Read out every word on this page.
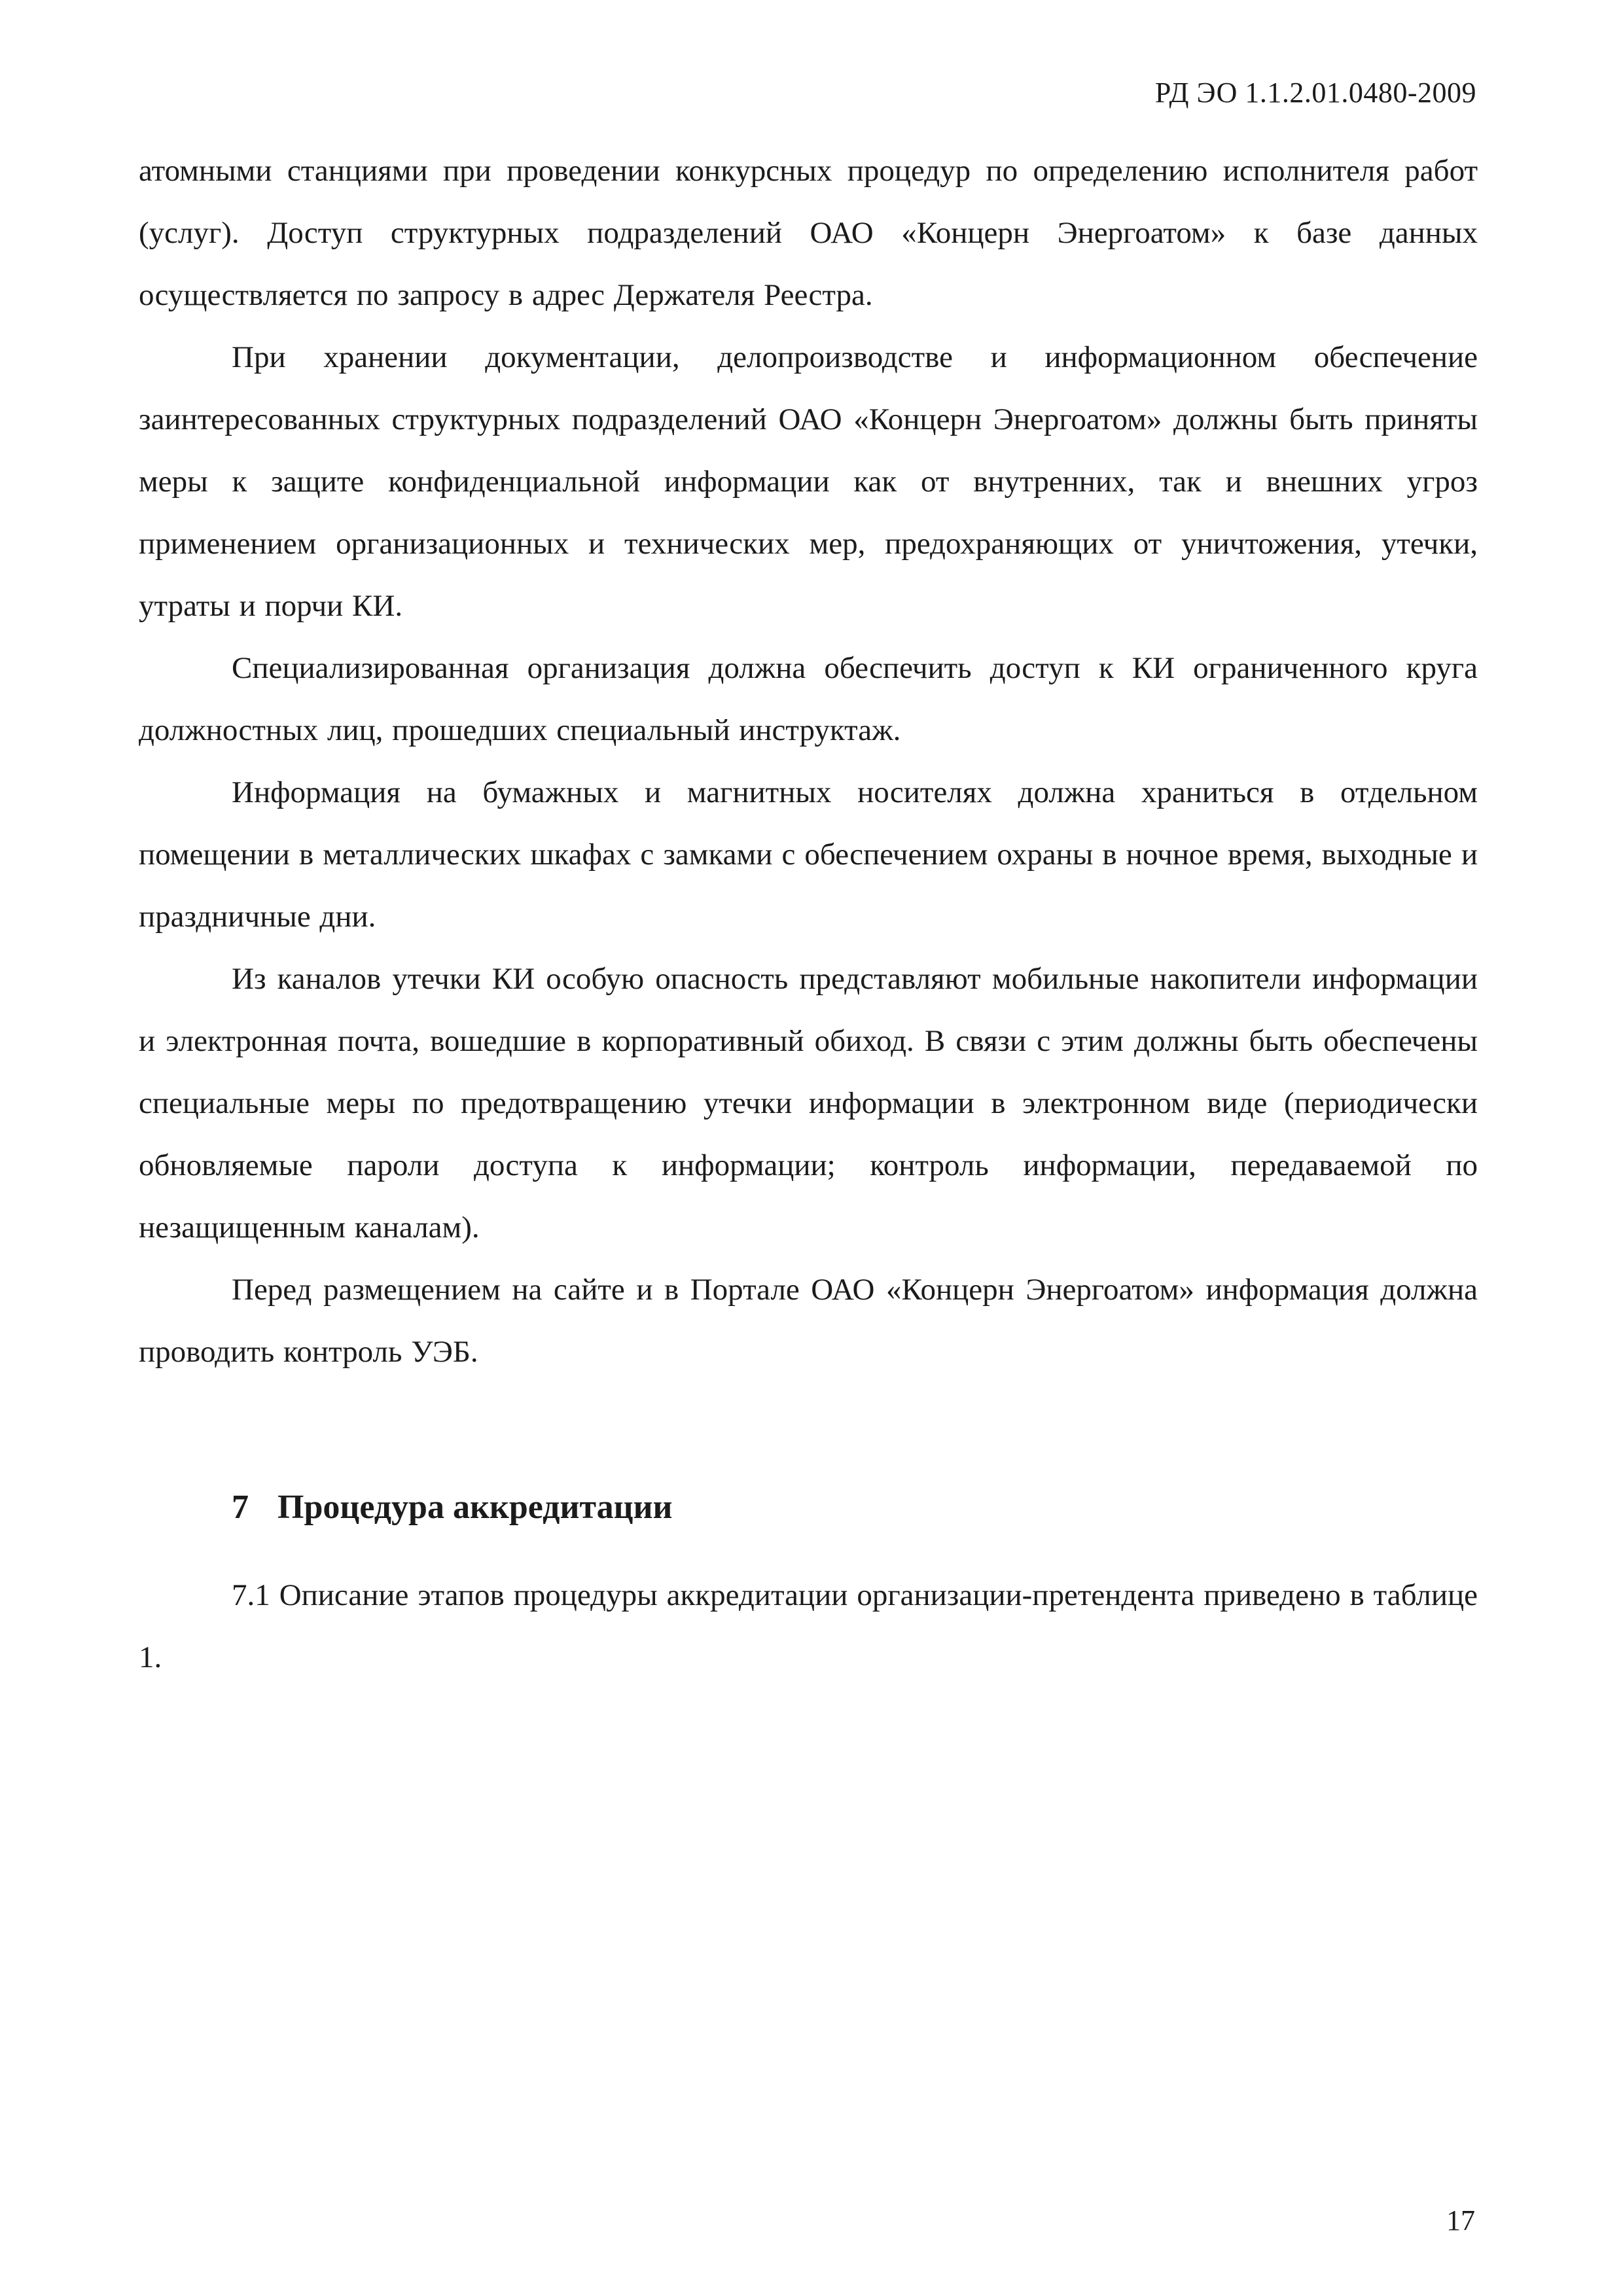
РД ЭО 1.1.2.01.0480-2009

атомными станциями при проведении конкурсных процедур по определению исполнителя работ (услуг). Доступ структурных подразделений ОАО «Концерн Энергоатом» к базе данных осуществляется по запросу в адрес Держателя Реестра.

При хранении документации, делопроизводстве и информационном обеспечение заинтересованных структурных подразделений ОАО «Концерн Энергоатом» должны быть приняты меры к защите конфиденциальной информации как от внутренних, так и внешних угроз применением организационных и технических мер, предохраняющих от уничтожения, утечки, утраты и порчи КИ.

Специализированная организация должна обеспечить доступ к КИ ограниченного круга должностных лиц, прошедших специальный инструктаж.

Информация на бумажных и магнитных носителях должна храниться в отдельном помещении в металлических шкафах с замками с обеспечением охраны в ночное время, выходные и праздничные дни.

Из каналов утечки КИ особую опасность представляют мобильные накопители информации и электронная почта, вошедшие в корпоративный обиход. В связи с этим должны быть обеспечены специальные меры по предотвращению утечки информации в электронном виде (периодически обновляемые пароли доступа к информации; контроль информации, передаваемой по незащищенным каналам).

Перед размещением на сайте и в Портале ОАО «Концерн Энергоатом» информация должна проводить контроль УЭБ.

7 Процедура аккредитации

7.1 Описание этапов процедуры аккредитации организации-претендента приведено в таблице 1.

17
